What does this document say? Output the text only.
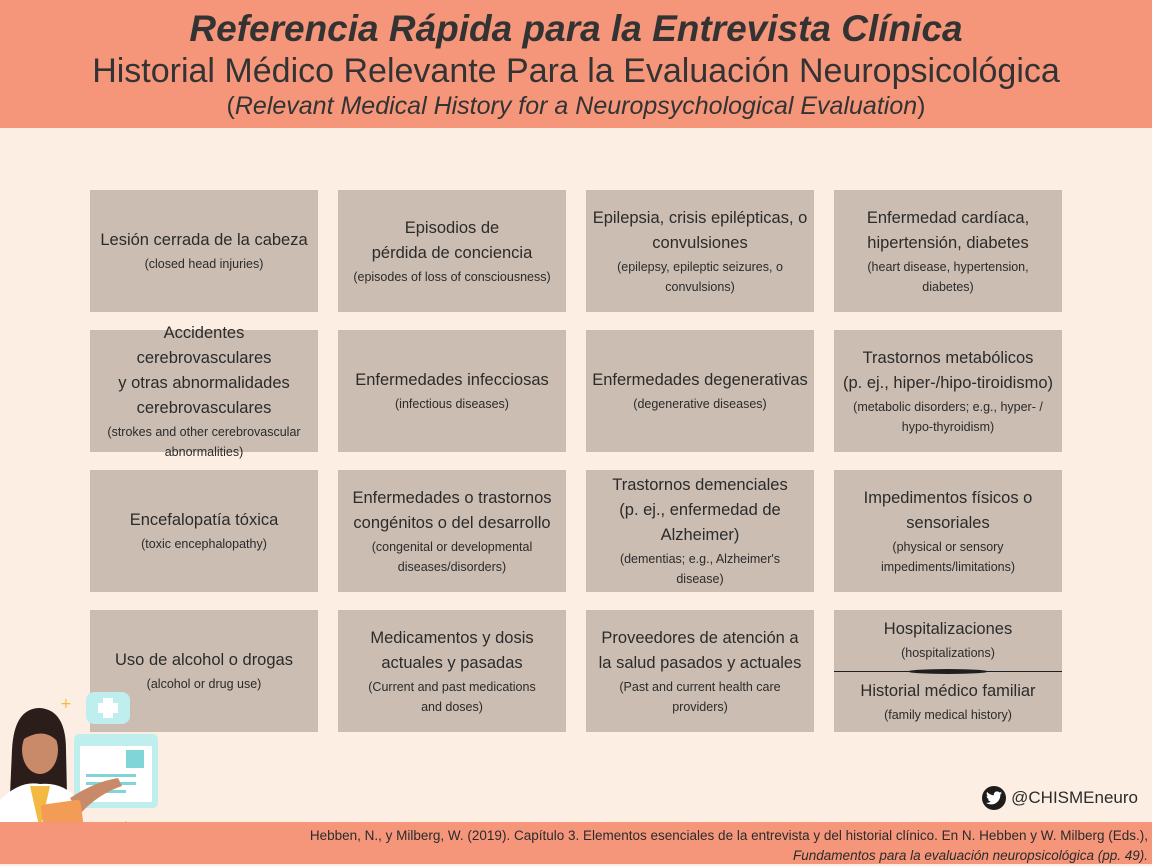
Referencia Rápida para la Entrevista Clínica
Historial Médico Relevante Para la Evaluación Neuropsicológica
(Relevant Medical History for a Neuropsychological Evaluation)
Lesión cerrada de la cabeza
(closed head injuries)
Episodios de
pérdida de conciencia
(episodes of loss of consciousness)
Epilepsia, crisis epilépticas, o
convulsiones
(epilepsy, epileptic seizures, o
convulsions)
Enfermedad cardíaca,
hipertensión, diabetes
(heart disease, hypertension,
diabetes)
Accidentes cerebrovasculares
y otras abnormalidades
cerebrovasculares
(strokes and other cerebrovascular
abnormalities)
Enfermedades infecciosas
(infectious diseases)
Enfermedades degenerativas
(degenerative diseases)
Trastornos metabólicos
(p. ej., hiper-/hipo-tiroidismo)
(metabolic disorders; e.g., hyper- /
hypo-thyroidism)
Encefalopatía tóxica
(toxic encephalopathy)
Enfermedades o trastornos
congénitos o del desarrollo
(congenital or developmental
diseases/disorders)
Trastornos demenciales
(p. ej., enfermedad de Alzheimer)
(dementias; e.g., Alzheimer's
disease)
Impedimentos físicos o
sensoriales
(physical or sensory
impediments/limitations)
Uso de alcohol o drogas
(alcohol or drug use)
Medicamentos y dosis
actuales y pasadas
(Current and past medications
and doses)
Proveedores de atención a
la salud pasados y actuales
(Past and current health care
providers)
Hospitalizaciones
(hospitalizations)
Historial médico familiar
(family medical history)
+
@CHISMEneuro
Hebben, N., y Milberg, W. (2019). Capítulo 3. Elementos esenciales de la entrevista y del historial clínico. En N. Hebben y W. Milberg (Eds.),
Fundamentos para la evaluación neuropsicológica (pp. 49).
